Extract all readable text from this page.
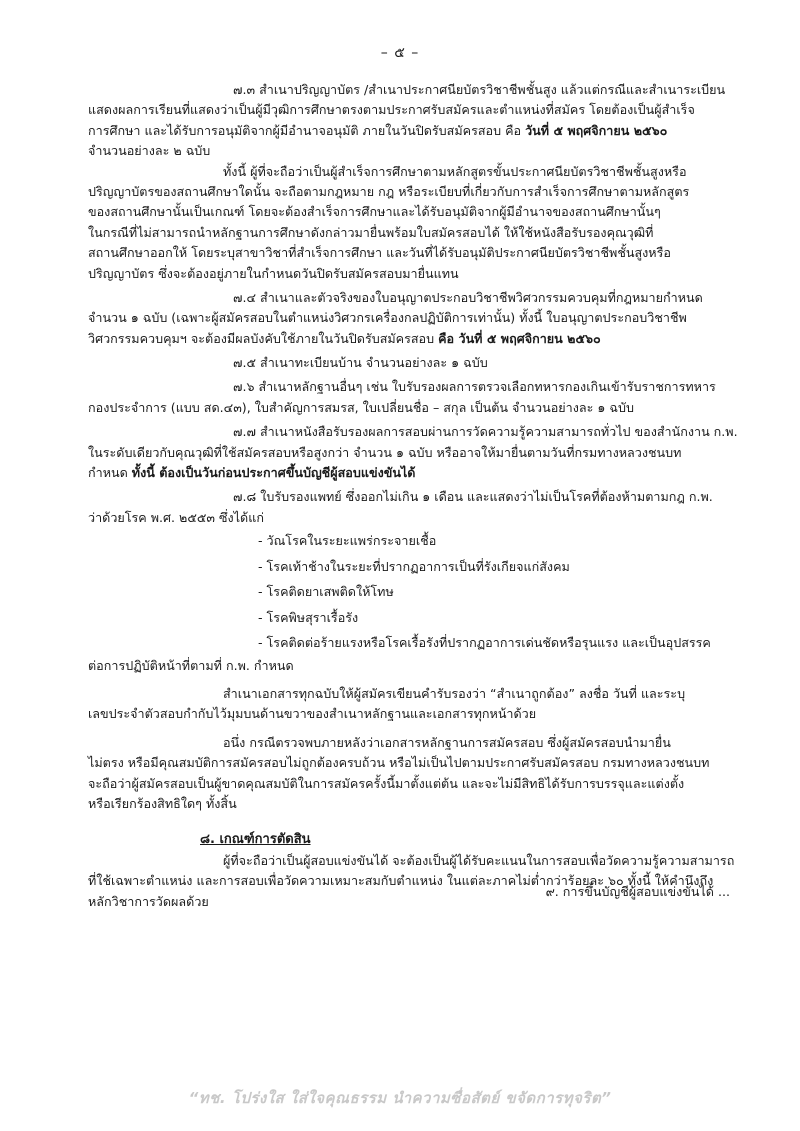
– ๕ –
๗.๓ สำเนาปริญญาบัตร /สำเนาประกาศนียบัตรวิชาชีพชั้นสูง แล้วแต่กรณีและสำเนาระเบียน
แสดงผลการเรียนที่แสดงว่าเป็นผู้มีวุฒิการศึกษาตรงตามประกาศรับสมัครและตำแหน่งที่สมัคร โดยต้องเป็นผู้สำเร็จ
การศึกษา และได้รับการอนุมัติจากผู้มีอำนาจอนุมัติ ภายในวันปิดรับสมัครสอบ คือ วันที่ ๕ พฤศจิกายน ๒๕๖๐
จำนวนอย่างละ ๒ ฉบับ
ทั้งนี้ ผู้ที่จะถือว่าเป็นผู้สำเร็จการศึกษาตามหลักสูตรขั้นประกาศนียบัตรวิชาชีพชั้นสูงหรือ
ปริญญาบัตรของสถานศึกษาใดนั้น จะถือตามกฎหมาย กฎ หรือระเบียบที่เกี่ยวกับการสำเร็จการศึกษาตามหลักสูตร
ของสถานศึกษานั้นเป็นเกณฑ์ โดยจะต้องสำเร็จการศึกษาและได้รับอนุมัติจากผู้มีอำนาจของสถานศึกษานั้นๆ
ในกรณีที่ไม่สามารถนำหลักฐานการศึกษาดังกล่าวมายื่นพร้อมใบสมัครสอบได้ ให้ใช้หนังสือรับรองคุณวุฒิที่
สถานศึกษาออกให้ โดยระบุสาขาวิชาที่สำเร็จการศึกษา และวันที่ได้รับอนุมัติประกาศนียบัตรวิชาชีพชั้นสูงหรือ
ปริญญาบัตร ซึ่งจะต้องอยู่ภายในกำหนดวันปิดรับสมัครสอบมายื่นแทน
๗.๔ สำเนาและตัวจริงของใบอนุญาตประกอบวิชาชีพวิศวกรรมควบคุมที่กฎหมายกำหนด
จำนวน ๑ ฉบับ (เฉพาะผู้สมัครสอบในตำแหน่งวิศวกรเครื่องกลปฏิบัติการเท่านั้น) ทั้งนี้ ใบอนุญาตประกอบวิชาชีพ
วิศวกรรมควบคุมฯ จะต้องมีผลบังคับใช้ภายในวันปิดรับสมัครสอบ คือ วันที่ ๕ พฤศจิกายน ๒๕๖๐
๗.๕ สำเนาทะเบียนบ้าน จำนวนอย่างละ ๑ ฉบับ
๗.๖ สำเนาหลักฐานอื่นๆ เช่น ใบรับรองผลการตรวจเลือกทหารกองเกินเข้ารับราชการทหาร
กองประจำการ (แบบ สด.๔๓), ใบสำคัญการสมรส, ใบเปลี่ยนชื่อ – สกุล เป็นต้น จำนวนอย่างละ ๑ ฉบับ
๗.๗ สำเนาหนังสือรับรองผลการสอบผ่านการวัดความรู้ความสามารถทั่วไป ของสำนักงาน ก.พ.
ในระดับเดียวกับคุณวุฒิที่ใช้สมัครสอบหรือสูงกว่า จำนวน ๑ ฉบับ หรืออาจให้มายื่นตามวันที่กรมทางหลวงชนบท
กำหนด ทั้งนี้ ต้องเป็นวันก่อนประกาศขึ้นบัญชีผู้สอบแข่งขันได้
๗.๘ ใบรับรองแพทย์ ซึ่งออกไม่เกิน ๑ เดือน และแสดงว่าไม่เป็นโรคที่ต้องห้ามตามกฎ ก.พ.
ว่าด้วยโรค พ.ศ. ๒๕๕๓ ซึ่งได้แก่
- วัณโรคในระยะแพร่กระจายเชื้อ
- โรคเท้าช้างในระยะที่ปรากฏอาการเป็นที่รังเกียจแก่สังคม
- โรคติดยาเสพติดให้โทษ
- โรคพิษสุราเรื้อรัง
- โรคติดต่อร้ายแรงหรือโรคเรื้อรังที่ปรากฏอาการเด่นชัดหรือรุนแรง และเป็นอุปสรรค
ต่อการปฏิบัติหน้าที่ตามที่ ก.พ. กำหนด
สำเนาเอกสารทุกฉบับให้ผู้สมัครเขียนคำรับรองว่า “สำเนาถูกต้อง” ลงชื่อ วันที่ และระบุ
เลขประจำตัวสอบกำกับไว้มุมบนด้านขวาของสำเนาหลักฐานและเอกสารทุกหน้าด้วย
อนึ่ง กรณีตรวจพบภายหลังว่าเอกสารหลักฐานการสมัครสอบ ซึ่งผู้สมัครสอบนำมายื่น
ไม่ตรง หรือมีคุณสมบัติการสมัครสอบไม่ถูกต้องครบถ้วน หรือไม่เป็นไปตามประกาศรับสมัครสอบ กรมทางหลวงชนบท
จะถือว่าผู้สมัครสอบเป็นผู้ขาดคุณสมบัติในการสมัครครั้งนี้มาตั้งแต่ต้น และจะไม่มีสิทธิได้รับการบรรจุและแต่งตั้ง
หรือเรียกร้องสิทธิใดๆ ทั้งสิ้น
๘. เกณฑ์การตัดสิน
ผู้ที่จะถือว่าเป็นผู้สอบแข่งขันได้ จะต้องเป็นผู้ได้รับคะแนนในการสอบเพื่อวัดความรู้ความสามารถ
ที่ใช้เฉพาะตำแหน่ง และการสอบเพื่อวัดความเหมาะสมกับตำแหน่ง ในแต่ละภาคไม่ต่ำกว่าร้อยละ ๖๐ ทั้งนี้ ให้คำนึงถึง
หลักวิชาการวัดผลด้วย
๙. การขึ้นบัญชีผู้สอบแข่งขันได้ ...
“ทช. โปร่งใส ใส่ใจคุณธรรม นำความซื่อสัตย์ ขจัดการทุจริต”
